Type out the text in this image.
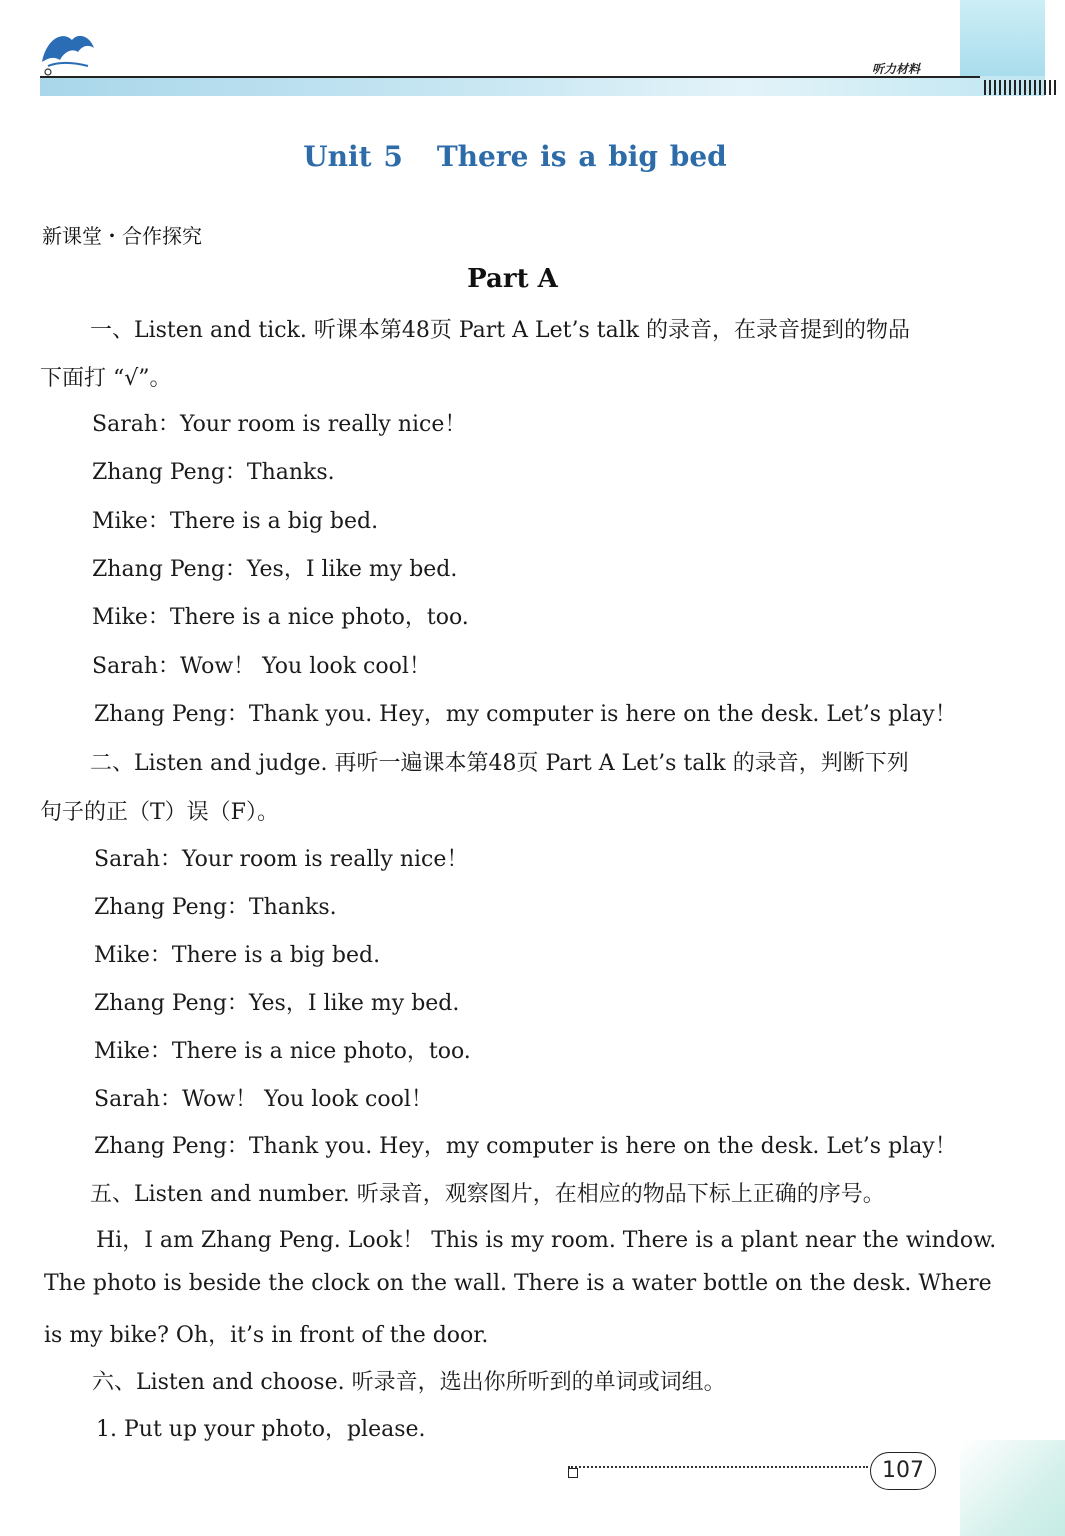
听力材料
Unit 5 There is a big bed
新课堂・合作探究
Part A
一、Listen and tick. 听课本第48页 Part A Let’s talk 的录音，在录音提到的物品
下面打 “√”。
Sarah：Your room is really nice！
Zhang Peng：Thanks.
Mike：There is a big bed.
Zhang Peng：Yes，I like my bed.
Mike：There is a nice photo，too.
Sarah：Wow！ You look cool！
Zhang Peng：Thank you. Hey，my computer is here on the desk. Let’s play！
二、Listen and judge. 再听一遍课本第48页 Part A Let’s talk 的录音，判断下列
句子的正（T）误（F）。
Sarah：Your room is really nice！
Zhang Peng：Thanks.
Mike：There is a big bed.
Zhang Peng：Yes，I like my bed.
Mike：There is a nice photo，too.
Sarah：Wow！ You look cool！
Zhang Peng：Thank you. Hey，my computer is here on the desk. Let’s play！
五、Listen and number. 听录音，观察图片，在相应的物品下标上正确的序号。
Hi，I am Zhang Peng. Look！ This is my room. There is a plant near the window.
The photo is beside the clock on the wall. There is a water bottle on the desk. Where
is my bike? Oh，it’s in front of the door.
六、Listen and choose. 听录音，选出你所听到的单词或词组。
1. Put up your photo，please.
107
